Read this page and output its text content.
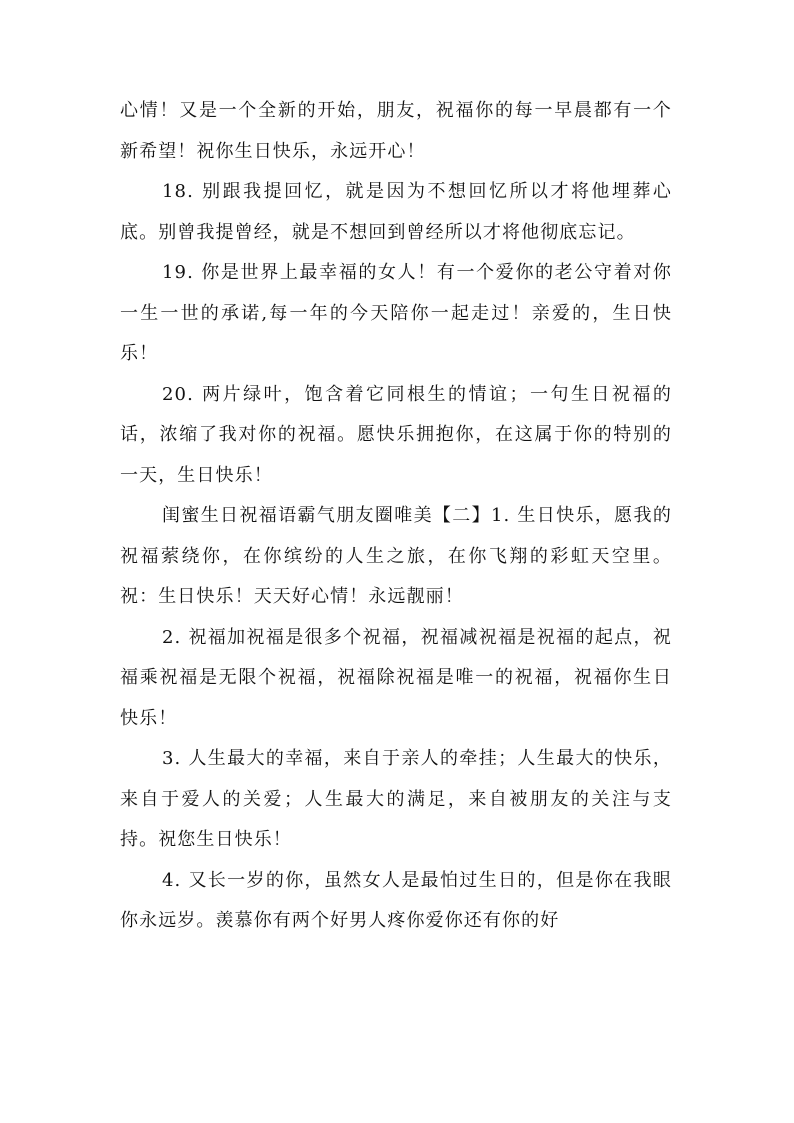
心情！又是一个全新的开始，朋友，祝福你的每一早晨都有一个新希望！祝你生日快乐，永远开心！

18. 别跟我提回忆，就是因为不想回忆所以才将他埋葬心底。别曾我提曾经，就是不想回到曾经所以才将他彻底忘记。

19. 你是世界上最幸福的女人！有一个爱你的老公守着对你一生一世的承诺,每一年的今天陪你一起走过！亲爱的，生日快乐！

20. 两片绿叶，饱含着它同根生的情谊；一句生日祝福的话，浓缩了我对你的祝福。愿快乐拥抱你，在这属于你的特别的一天，生日快乐！

闺蜜生日祝福语霸气朋友圈唯美【二】1. 生日快乐，愿我的祝福萦绕你，在你缤纷的人生之旅，在你飞翔的彩虹天空里。祝：生日快乐！天天好心情！永远靓丽！

2. 祝福加祝福是很多个祝福，祝福减祝福是祝福的起点，祝福乘祝福是无限个祝福，祝福除祝福是唯一的祝福，祝福你生日快乐！

3. 人生最大的幸福，来自于亲人的牵挂；人生最大的快乐，来自于爱人的关爱；人生最大的满足，来自被朋友的关注与支持。祝您生日快乐！

4. 又长一岁的你，虽然女人是最怕过生日的，但是你在我眼你永远岁。羡慕你有两个好男人疼你爱你还有你的好
